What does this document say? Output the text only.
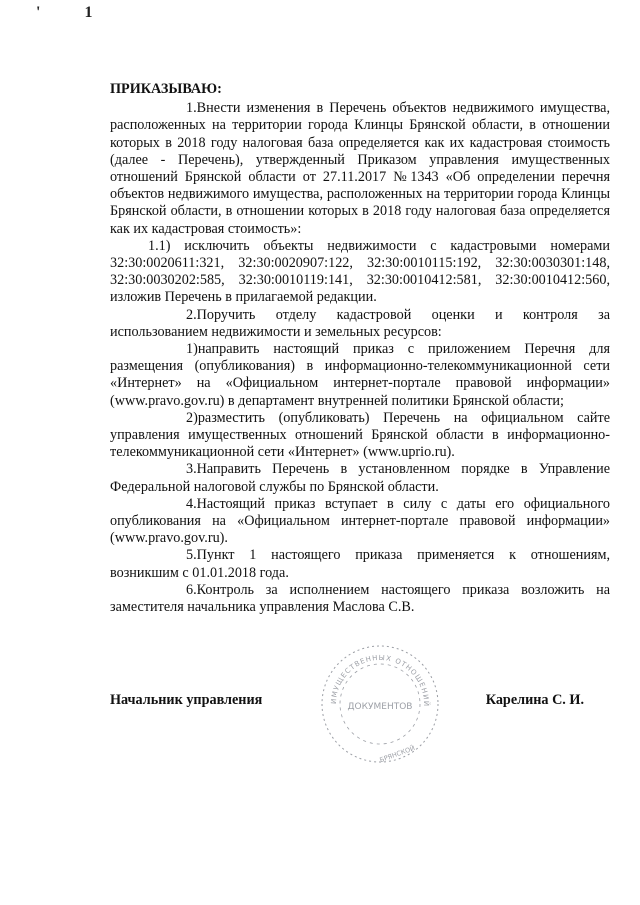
' 1

ПРИКАЗЫВАЮ:

1.Внести изменения в Перечень объектов недвижимого имущества, расположенных на территории города Клинцы Брянской области, в отношении которых в 2018 году налоговая база определяется как их кадастровая стоимость (далее - Перечень), утвержденный Приказом управления имущественных отношений Брянской области от 27.11.2017 №1343 «Об определении перечня объектов недвижимого имущества, расположенных на территории города Клинцы Брянской области, в отношении которых в 2018 году налоговая база определяется как их кадастровая стоимость»:

1.1) исключить объекты недвижимости с кадастровыми номерами 32:30:0020611:321, 32:30:0020907:122, 32:30:0010115:192, 32:30:0030301:148, 32:30:0030202:585, 32:30:0010119:141, 32:30:0010412:581, 32:30:0010412:560, изложив Перечень в прилагаемой редакции.

2.Поручить отделу кадастровой оценки и контроля за использованием недвижимости и земельных ресурсов:

1)направить настоящий приказ с приложением Перечня для размещения (опубликования) в информационно-телекоммуникационной сети «Интернет» на «Официальном интернет-портале правовой информации» (www.pravo.gov.ru) в департамент внутренней политики Брянской области;

2)разместить (опубликовать) Перечень на официальном сайте управления имущественных отношений Брянской области в информационно-телекоммуникационной сети «Интернет» (www.uprio.ru).

3.Направить Перечень в установленном порядке в Управление Федеральной налоговой службы по Брянской области.

4.Настоящий приказ вступает в силу с даты его официального опубликования на «Официальном интернет-портале правовой информации» (www.pravo.gov.ru).

5.Пункт 1 настоящего приказа применяется к отношениям, возникшим с 01.01.2018 года.

6.Контроль за исполнением настоящего приказа возложить на заместителя начальника управления Маслова С.В.

Начальник управления	Карелина С. И.
ИМУЩЕСТВЕННЫХ ОТНОШЕНИЙ
ДОКУМЕНТОВ
БРЯНСКОЙ
